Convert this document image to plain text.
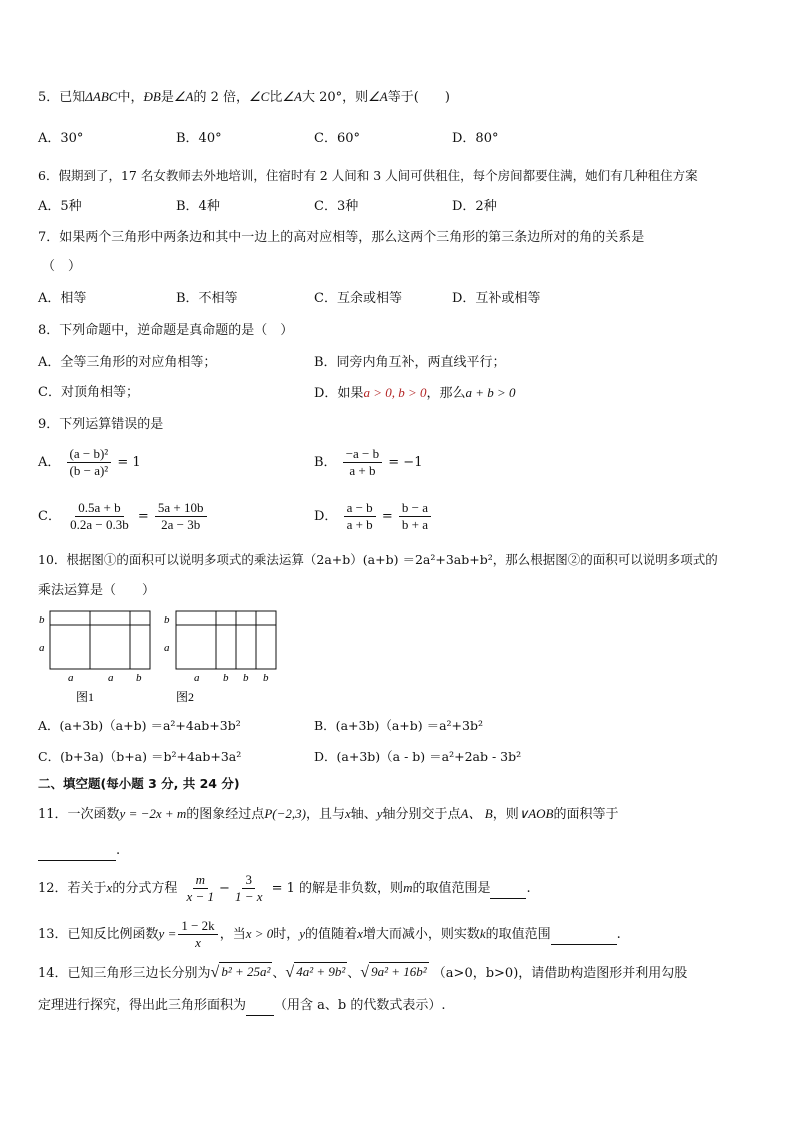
5．已知ΔABC中，ÐB是∠A的 2 倍，∠C比∠A大 20°，则∠A等于(　　)
A．30°	B．40°	C．60°	D．80°
6．假期到了，17 名女教师去外地培训，住宿时有 2 人间和 3 人间可供租住，每个房间都要住满，她们有几种租住方案
A．5种	B．4种	C．3种	D．2种
7．如果两个三角形中两条边和其中一边上的高对应相等，那么这两个三角形的第三条边所对的角的关系是
（　）
A．相等	B．不相等	C．互余或相等	D．互补或相等
8．下列命题中，逆命题是真命题的是（　）
A．全等三角形的对应角相等；	B．同旁内角互补，两直线平行；
C．对顶角相等；	D．如果a > 0, b > 0，那么a + b > 0
9．下列运算错误的是
A． $\frac{\text{(a − b)²}}{\text{(b − a)²}} = 1$	B． $\frac{-a - b}{a + b} = -1$
C． $\frac{0.5a + b}{0.2a - 0.3b} = \frac{5a + 10b}{2a - 3b}$	D． $\frac{a - b}{a + b} = \frac{b - a}{b + a}$
10．根据图①的面积可以说明多项式的乘法运算（2a+b）(a+b) ＝2a²+3ab+b²，那么根据图②的面积可以说明多项式的
乘法运算是（　　）
b
a
a	a b
图1
b
a
a b b b
图2
A．(a+3b)（a+b) ＝a²+4ab+3b²	B．(a+3b)（a+b) ＝a²+3b²
C．(b+3a)（b+a) ＝b²+4ab+3a²	D．(a+3b)（a - b) ＝a²+2ab - 3b²
二、填空题(每小题 3 分, 共 24 分)
11．一次函数y = −2x + m的图象经过点P(−2,3)，且与x轴、y轴分别交于点A、 B，则∨AOB的面积等于
.
12．若关于x的分式方程 $\frac{m}{x - 1} - \frac{3}{1 - x} = 1$ 的解是非负数，则m的取值范围是	.
13．已知反比例函数$y = \frac{1 - 2k}{x}$ ，当x > 0时，y的值随着x增大而减小，则实数k的取值范围	.
14．已知三角形三边长分别为 √ b² + 25a² 、 √ 4a² + 9b² 、 √ 9a² + 16b² （a>0，b>0)，请借助构造图形并利用勾股
定理进行探究，得出此三角形面积为 （用含 a、b 的代数式表示）.
